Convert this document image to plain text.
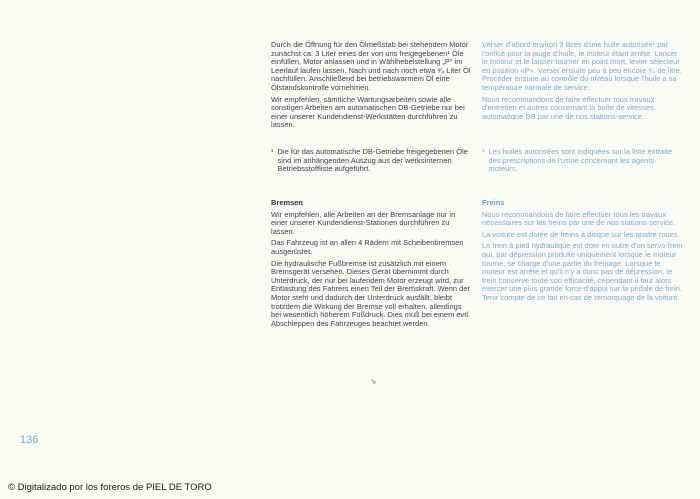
Durch die Öffnung für den Ölmeßstab bei stehendem Motor zunächst ca. 3 Liter eines der von uns freigegebenen¹ Öle einfüllen, Motor anlassen und in Wählhebelstellung „P“ im Leerlauf laufen lassen. Nach und nach noch etwa ³⁄₄ Liter Öl nachfüllen. Anschließend bei betriebswarmem Öl eine Ölstandskontrolle vornehmen.

Wir empfehlen, sämtliche Wartungsarbeiten sowie alle sonstigen Arbeiten am automatischen DB-Getriebe nur bei einer unserer Kundendienst-Werkstätten durchführen zu lassen.

Verser d'abord environ 3 litres d'une huile autorisée¹ par l'orifice pour la jauge d'huile, le moteur étant arrêté. Lancer le moteur et le laisser tourner en point mort, levier sélecteur en position «P». Verser ensuite peu à peu encore ³⁄₄ de litre. Procéder ensuite au contrôle du niveau lorsque l'huile a sa température normale de service.

Nous recommandons de faire effectuer tous travaux d'entretien et autres concernant la boîte de vitesses automatique DB par une de nos stations-service.

¹ Die für das automatische DB-Getriebe freigegebenen Öle sind im anhängenden Auszug aus der werksinternen Betriebsstoffliste aufgeführt.
¹ Les huiles autorisées sont indiquées sur la liste extraite des prescriptions de l'usine concernant les agents-moteurs.

Bremsen

Wir empfehlen, alle Arbeiten an der Bremsanlage nur in einer unserer Kundendienst-Stationen durchführen zu lassen.

Das Fahrzeug ist an allen 4 Rädern mit Scheibenbremsen ausgerüstet.

Die hydraulische Fußbremse ist zusätzlich mit einem Bremsgerät versehen. Dieses Gerät übernimmt durch Unterdruck, der nur bei laufendem Motor erzeugt wird, zur Entlastung des Fahrers einen Teil der Bremskraft. Wenn der Motor steht und dadurch der Unterdruck ausfällt, bleibt trotzdem die Wirkung der Bremse voll erhalten, allerdings bei wesentlich höherem Fußdruck. Dies muß bei einem evtl. Abschleppen des Fahrzeuges beachtet werden.

Freins

Nous recommandons de faire effectuer tous les travaux nécessaires sur les freins par une de nos stations-service.

La voiture est dotée de freins à disque sur les quatre roues.

Le frein à pied hydraulique est doté en outre d'un servo-frein qui, par dépression produite uniquement lorsque le moteur tourne, se charge d'une partie du freinage. Lorsque le moteur est arrêté et qu'il n'y a donc pas de dépression, le frein conserve toute son efficacité, cependant il faut alors exercer une plus grande force d'appui sur la pédale de frein. Tenir compte de ce fait en cas de remorquage de la voiture.

136
© Digitalizado por los foreros de PIEL DE TORO
